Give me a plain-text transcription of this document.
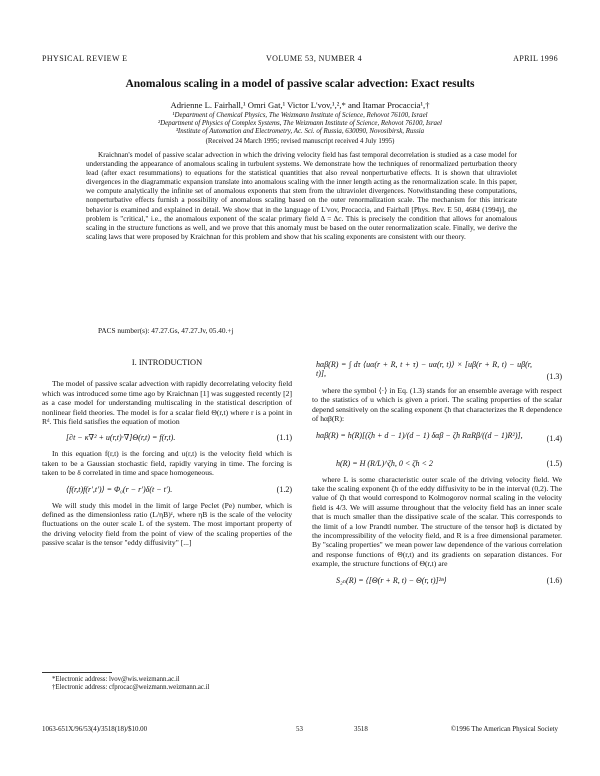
PHYSICAL REVIEW E	VOLUME 53, NUMBER 4	APRIL 1996
Anomalous scaling in a model of passive scalar advection: Exact results
Adrienne L. Fairhall,¹ Omri Gat,¹ Victor L'vov,¹,²,* and Itamar Procaccia¹,†
¹Department of Chemical Physics, The Weizmann Institute of Science, Rehovot 76100, Israel
²Department of Physics of Complex Systems, The Weizmann Institute of Science, Rehovot 76100, Israel
³Institute of Automation and Electrometry, Ac. Sci. of Russia, 630090, Novosibirsk, Russia
(Received 24 March 1995; revised manuscript received 4 July 1995)

Kraichnan's model of passive scalar advection in which the driving velocity field has fast temporal decorrelation is studied as a case model for understanding the appearance of anomalous scaling in turbulent systems. We demonstrate how the techniques of renormalized perturbation theory lead (after exact resummations) to equations for the statistical quantities that also reveal nonperturbative effects. It is shown that ultraviolet divergences in the diagrammatic expansion translate into anomalous scaling with the inner length acting as the renormalization scale. In this paper, we compute analytically the infinite set of anomalous exponents that stem from the ultraviolet divergences. Notwithstanding these computations, nonperturbative effects furnish a possibility of anomalous scaling based on the outer renormalization scale. The mechanism for this intricate behavior is examined and explained in detail. We show that in the language of L'vov, Procaccia, and Fairhall [Phys. Rev. E 50, 4684 (1994)], the problem is "critical," i.e., the anomalous exponent of the scalar primary field Δ = Δc. This is precisely the condition that allows for anomalous scaling in the structure functions as well, and we prove that this anomaly must be based on the outer renormalization scale. Finally, we derive the scaling laws that were proposed by Kraichnan for this problem and show that his scaling exponents are consistent with our theory.

PACS number(s): 47.27.Gs, 47.27.Jv, 05.40.+j
I. INTRODUCTION

The model of passive scalar advection with rapidly decorrelating velocity field which was introduced some time ago by Kraichnan [1] was suggested recently [2] as a case model for understanding multiscaling in the statistical description of nonlinear field theories. The model is for a scalar field Θ(r,t) where r is a point in Rᵈ. This field satisfies the equation of motion

[∂t − κ∇² + u(r,t)·∇]Θ(r,t) = f(r,t).	(1.1)

In this equation f(r,t) is the forcing and u(r,t) is the velocity field which is taken to be a Gaussian stochastic field, rapidly varying in time. The forcing is taken to be δ correlated in time and space homogeneous.

⟨f(r,t)f(r′,t′)⟩ = Φ₀(r − r′)δ(t − t′).	(1.2)

We will study this model in the limit of large Peclet (Pe) number, which is defined as the dimensionless ratio (L/ηB)ᶻ, where ηB is the scale of the velocity fluctuations on the outer scale L of the system. The most important property of the driving velocity field from the point of view of the scaling properties of the passive scalar is the tensor "eddy diffusivity" [...]

hαβ(R) = ∫ dτ ⟨uα(r + R, t + τ) − uα(r, t)⟩ × [uβ(r + R, t) − uβ(r, t)],	(1.3)

where the symbol ⟨·⟩ in Eq. (1.3) stands for an ensemble average with respect to the statistics of u which is given a priori. The scaling properties of the scalar depend sensitively on the scaling exponent ζh that characterizes the R dependence of hαβ(R):

hαβ(R) = h(R)[(ζh + d − 1)/(d − 1) δαβ − ζh RαRβ/((d − 1)R²)],	(1.4)
h(R) = H (R/L)^ζh, 0 < ζh < 2	(1.5)

where L is some characteristic outer scale of the driving velocity field. We take the scaling exponent ζh of the eddy diffusivity to be in the interval (0,2). The value of ζh that would correspond to Kolmogorov normal scaling in the velocity field is 4/3. We will assume throughout that the velocity field has an inner scale that is much smaller than the dissipative scale of the scalar. This corresponds to the limit of a low Prandtl number. The structure of the tensor hαβ is dictated by the incompressibility of the velocity field, and R is a free dimensional parameter. By "scaling properties" we mean power law dependence of the various correlation and response functions of Θ(r,t) and its gradients on separation distances. For example, the structure functions of Θ(r,t) are

S₂ₙ(R) = ⟨[Θ(r + R, t) − Θ(r, t)]²ⁿ⟩	(1.6)
*Electronic address: lvov@wis.weizmann.ac.il
†Electronic address: cfprocac@weizmann.weizmann.ac.il
1063-651X/96/53(4)/3518(18)/$10.00	53	3518	©1996 The American Physical Society
